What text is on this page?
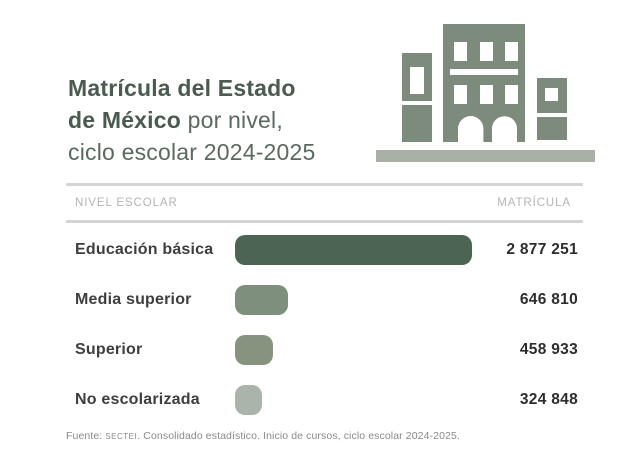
Matrícula del Estado
de México por nivel,
ciclo escolar 2024-2025
NIVEL ESCOLAR	MATRÍCULA
Educación básica	2 877 251
Media superior	646 810
Superior	458 933
No escolarizada	324 848
Fuente: SECTEI. Consolidado estadístico. Inicio de cursos, ciclo escolar 2024-2025.
